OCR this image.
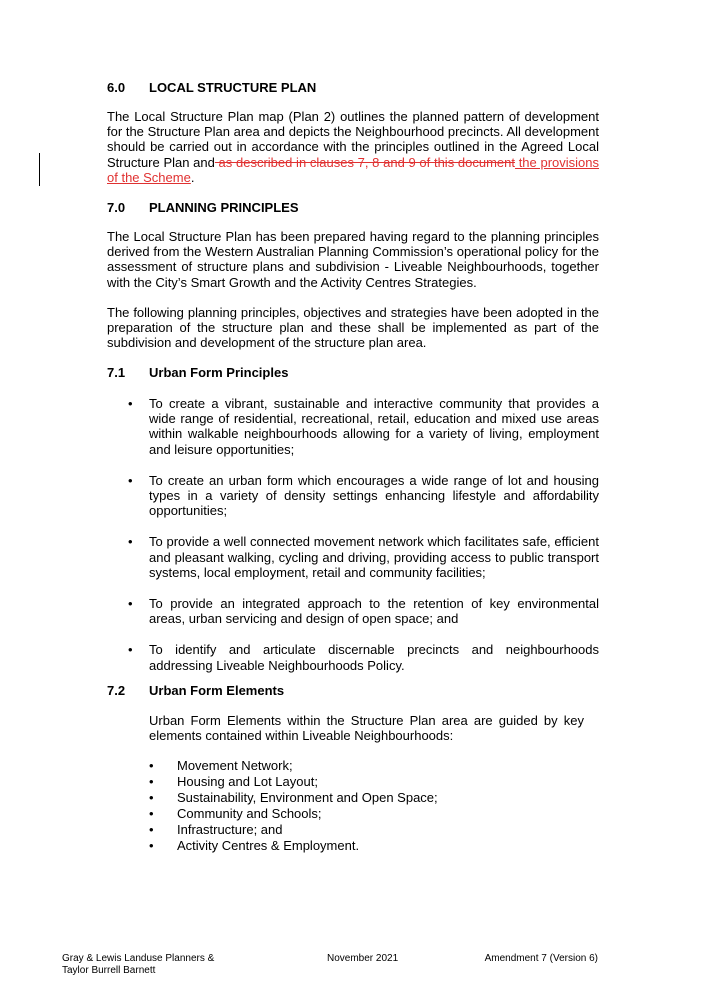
6.0 LOCAL STRUCTURE PLAN
The Local Structure Plan map (Plan 2) outlines the planned pattern of development for the Structure Plan area and depicts the Neighbourhood precincts. All development should be carried out in accordance with the principles outlined in the Agreed Local Structure Plan and as described in clauses 7, 8 and 9 of this document the provisions of the Scheme.
7.0 PLANNING PRINCIPLES
The Local Structure Plan has been prepared having regard to the planning principles derived from the Western Australian Planning Commission’s operational policy for the assessment of structure plans and subdivision - Liveable Neighbourhoods, together with the City’s Smart Growth and the Activity Centres Strategies.
The following planning principles, objectives and strategies have been adopted in the preparation of the structure plan and these shall be implemented as part of the subdivision and development of the structure plan area.
7.1 Urban Form Principles
• To create a vibrant, sustainable and interactive community that provides a wide range of residential, recreational, retail, education and mixed use areas within walkable neighbourhoods allowing for a variety of living, employment and leisure opportunities;
• To create an urban form which encourages a wide range of lot and housing types in a variety of density settings enhancing lifestyle and affordability opportunities;
• To provide a well connected movement network which facilitates safe, efficient and pleasant walking, cycling and driving, providing access to public transport systems, local employment, retail and community facilities;
• To provide an integrated approach to the retention of key environmental areas, urban servicing and design of open space; and
• To identify and articulate discernable precincts and neighbourhoods addressing Liveable Neighbourhoods Policy.
7.2 Urban Form Elements
Urban Form Elements within the Structure Plan area are guided by key elements contained within Liveable Neighbourhoods:
• Movement Network;
• Housing and Lot Layout;
• Sustainability, Environment and Open Space;
• Community and Schools;
• Infrastructure; and
• Activity Centres & Employment.
Gray & Lewis Landuse Planners &
Taylor Burrell Barnett
November 2021	Amendment 7 (Version 6)
